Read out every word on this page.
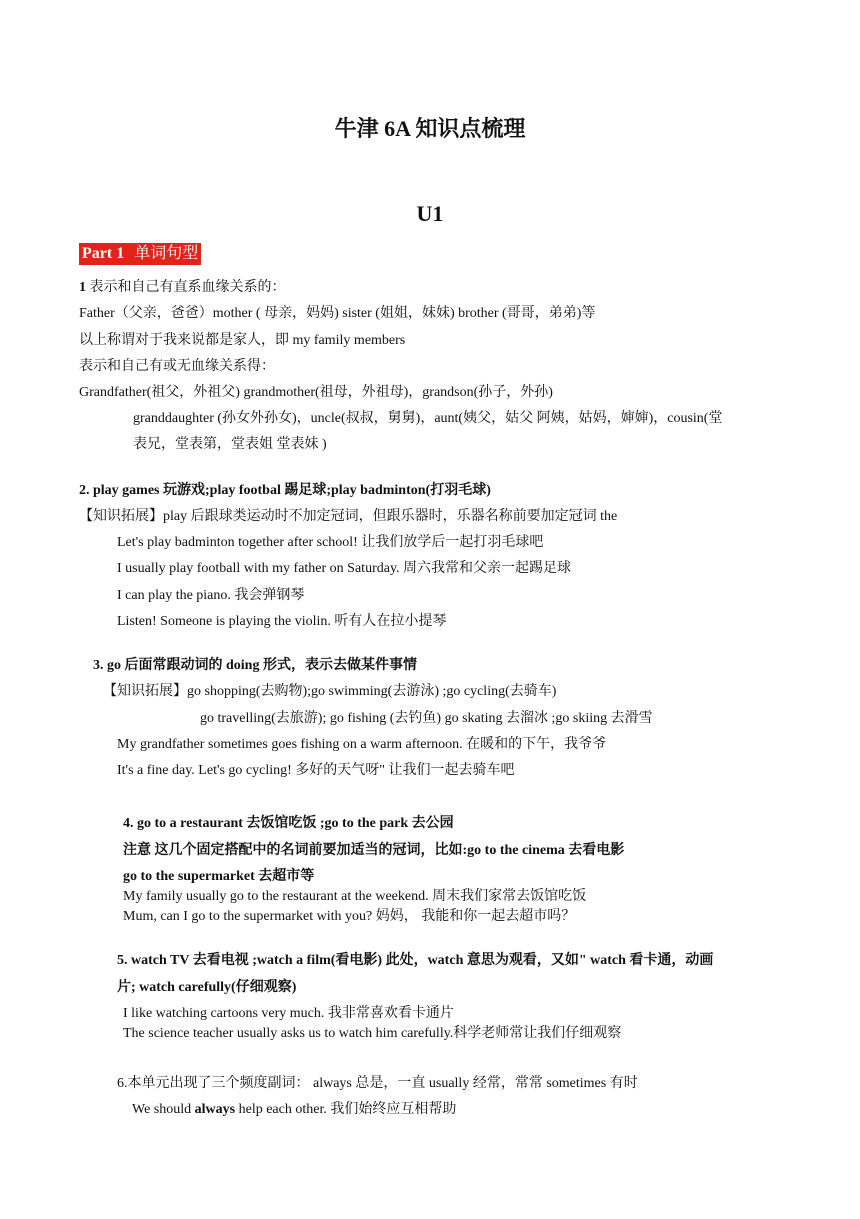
牛津 6A 知识点梳理
U1
Part 1 单词句型
1 表示和自己有直系血缘关系的：
Father（父亲，爸爸）mother ( 母亲，妈妈) sister (姐姐，妹妹) brother (哥哥，弟弟)等
以上称谓对于我来说都是家人，即 my family members
表示和自己有或无血缘关系得：
Grandfather(祖父，外祖父) grandmother(祖母，外祖母)，grandson(孙子，外孙)
granddaughter (孙女外孙女)，uncle(叔叔，舅舅)，aunt(姨父，姑父 阿姨，姑妈，婶婶)，cousin(堂
表兄，堂表第，堂表姐 堂表妹 )
2. play games 玩游戏;play footbal 踢足球;play badminton(打羽毛球)
【知识拓展】play 后跟球类运动时不加定冠词，但跟乐器时，乐器名称前要加定冠词 the
Let's play badminton together after school! 让我们放学后一起打羽毛球吧
I usually play football with my father on Saturday. 周六我常和父亲一起踢足球
I can play the piano. 我会弹钢琴
Listen! Someone is playing the violin. 听有人在拉小提琴
3. go 后面常跟动词的 doing 形式，表示去做某件事情
【知识拓展】go shopping(去购物);go swimming(去游泳) ;go cycling(去骑车)
go travelling(去旅游); go fishing (去钓鱼) go skating 去溜冰 ;go skiing 去滑雪
My grandfather sometimes goes fishing on a warm afternoon. 在暖和的下午，我爷爷
It's a fine day. Let's go cycling! 多好的天气呀" 让我们一起去骑车吧
4. go to a restaurant 去饭馆吃饭 ;go to the park 去公园
注意 这几个固定搭配中的名词前要加适当的冠词，比如:go to the cinema 去看电影
go to the supermarket 去超市等
My family usually go to the restaurant at the weekend. 周末我们家常去饭馆吃饭
Mum, can I go to the supermarket with you? 妈妈， 我能和你一起去超市吗？
5. watch TV 去看电视 ;watch a film(看电影) 此处，watch 意思为观看，又如" watch 看卡通，动画
片; watch carefully(仔细观察)
I like watching cartoons very much. 我非常喜欢看卡通片
The science teacher usually asks us to watch him carefully.科学老师常让我们仔细观察
6.本单元出现了三个频度副词： always 总是，一直 usually 经常，常常 sometimes 有时
We should always help each other. 我们始终应互相帮助
